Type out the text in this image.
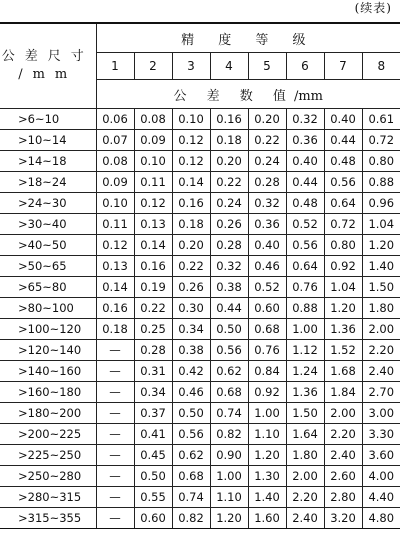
(续表)
公差尺寸
/mm	精 度 等 级							
	1	2	3	4	5	6	7	8
	公 差 数 值/mm							
>6~10	0.06	0.08	0.10	0.16	0.20	0.32	0.40	0.61
>10~14	0.07	0.09	0.12	0.18	0.22	0.36	0.44	0.72
>14~18	0.08	0.10	0.12	0.20	0.24	0.40	0.48	0.80
>18~24	0.09	0.11	0.14	0.22	0.28	0.44	0.56	0.88
>24~30	0.10	0.12	0.16	0.24	0.32	0.48	0.64	0.96
>30~40	0.11	0.13	0.18	0.26	0.36	0.52	0.72	1.04
>40~50	0.12	0.14	0.20	0.28	0.40	0.56	0.80	1.20
>50~65	0.13	0.16	0.22	0.32	0.46	0.64	0.92	1.40
>65~80	0.14	0.19	0.26	0.38	0.52	0.76	1.04	1.50
>80~100	0.16	0.22	0.30	0.44	0.60	0.88	1.20	1.80
>100~120	0.18	0.25	0.34	0.50	0.68	1.00	1.36	2.00
>120~140	—	0.28	0.38	0.56	0.76	1.12	1.52	2.20
>140~160	—	0.31	0.42	0.62	0.84	1.24	1.68	2.40
>160~180	—	0.34	0.46	0.68	0.92	1.36	1.84	2.70
>180~200	—	0.37	0.50	0.74	1.00	1.50	2.00	3.00
>200~225	—	0.41	0.56	0.82	1.10	1.64	2.20	3.30
>225~250	—	0.45	0.62	0.90	1.20	1.80	2.40	3.60
>250~280	—	0.50	0.68	1.00	1.30	2.00	2.60	4.00
>280~315	—	0.55	0.74	1.10	1.40	2.20	2.80	4.40
>315~355	—	0.60	0.82	1.20	1.60	2.40	3.20	4.80
